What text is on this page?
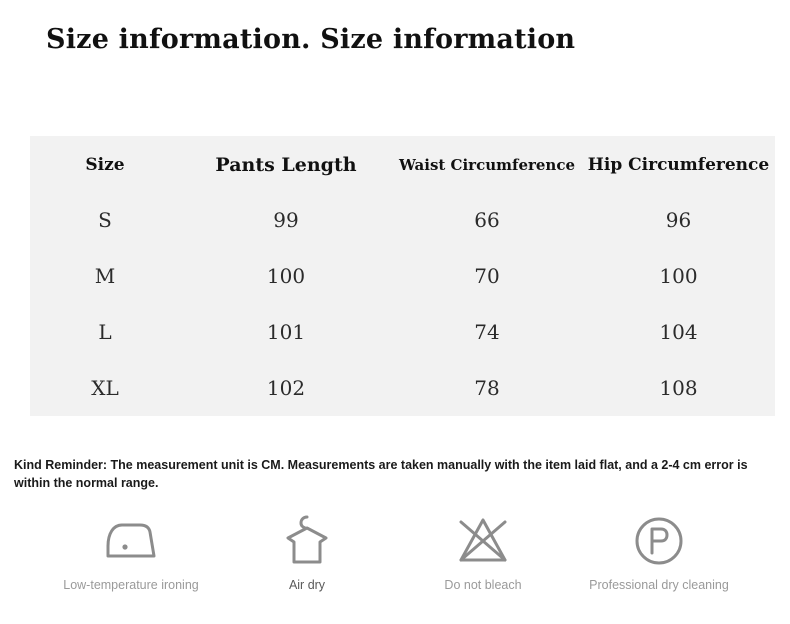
Size information. Size information
Size	Pants Length	Waist Circumference	Hip Circumference
S	99	66	96
M	100	70	100
L	101	74	104
XL	102	78	108
Kind Reminder: The measurement unit is CM. Measurements are taken manually with the item laid flat, and a 2-4 cm error is within the normal range.
Low-temperature ironing	Air dry	Do not bleach	Professional dry cleaning
